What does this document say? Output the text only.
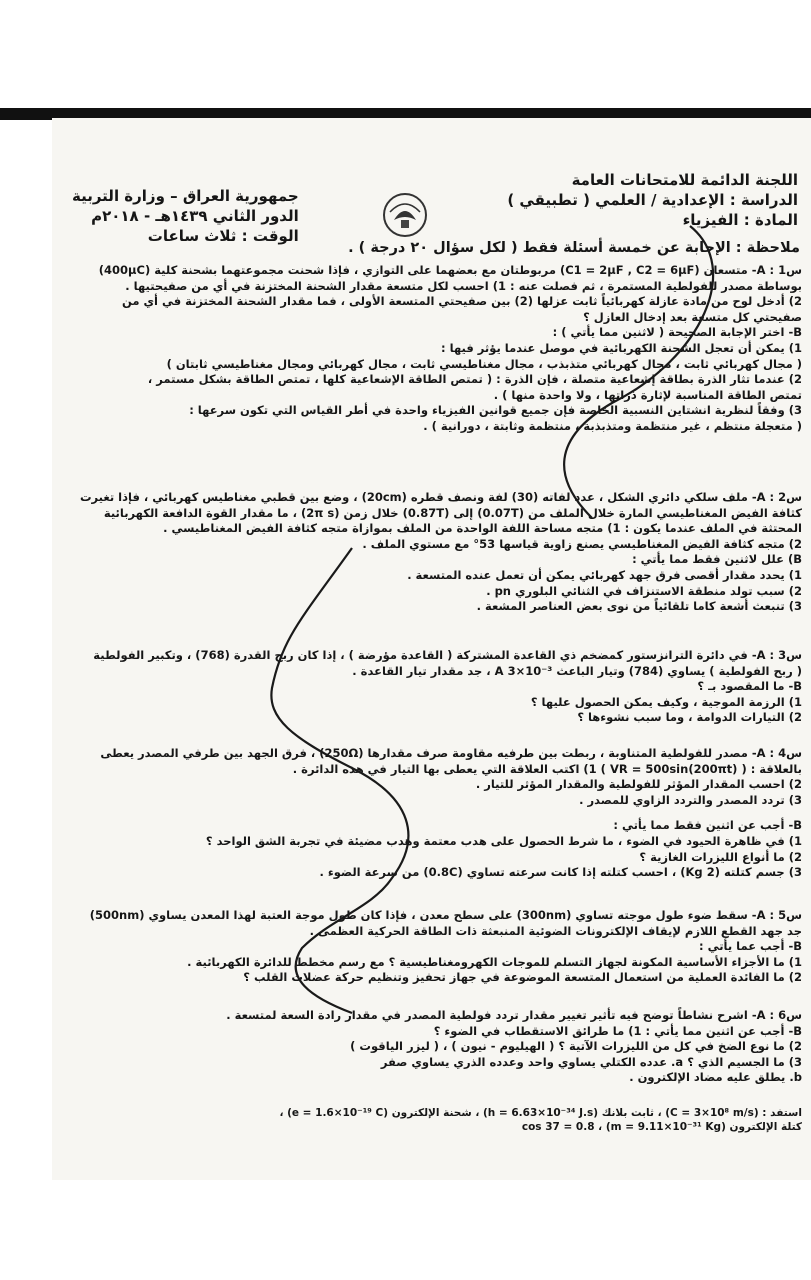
اللجنة الدائمة للامتحانات العامة
الدراسة : الإعدادية / العلمي ( تطبيقي )
المادة : الفيزياء
جمهورية العراق – وزارة التربية
الدور الثاني ١٤٣٩هـ - ٢٠١٨م
الوقت : ثلاث ساعات
ملاحظة : الإجابة عن خمسة أسئلة فقط ( لكل سؤال ٢٠ درجة ) .
س1 : A- متسعان (C1 = 2μF , C2 = 6μF) مربوطتان مع بعضهما على التوازي ، فإذا شحنت مجموعتهما بشحنة كلية (400μC)
بوساطة مصدر للفولطية المستمرة ، ثم فصلت عنه : 1) احسب لكل متسعة مقدار الشحنة المختزنة في أي من صفيحتيها .
2) أدخل لوح من مادة عازلة كهربائياً ثابت عزلها (2) بين صفيحتي المتسعة الأولى ، فما مقدار الشحنة المختزنة في أي من
صفيحتي كل متسعة بعد إدخال العازل ؟
B- اختر الإجابة الصحيحة ( لاثنين مما يأتي ) :
1) يمكن أن تعجل الشحنة الكهربائية في موصل عندما يؤثر فيها :
( مجال كهربائي ثابت ، مجال كهربائي متذبذب ، مجال مغناطيسي ثابت ، مجال كهربائي ومجال مغناطيسي ثابتان )
2) عندما تثار الذرة بطاقة إشعاعية متصلة ، فإن الذرة : ( تمتص الطاقة الإشعاعية كلها ، تمتص الطاقة بشكل مستمر ،
تمتص الطاقة المناسبة لإثارة ذراتها ، ولا واحدة منها ) .
3) وفقاً لنظرية انشتاين النسبية الخاصة فإن جميع قوانين الفيزياء واحدة في أطر القياس التي تكون سرعها :
( متعجلة منتظم ، غير منتظمة ومتذبذبة ، منتظمة وثابتة ، دورانية ) .
س2 : A- ملف سلكي دائري الشكل ، عدد لفاته (30) لفة ونصف قطره (20cm) ، وضع بين قطبي مغناطيس كهربائي ، فإذا تغيرت
كثافة الفيض المغناطيسي المارة خلال الملف من (0.07T) إلى (0.87T) خلال زمن (2π s) ، ما مقدار القوة الدافعة الكهربائية
المحتثة في الملف عندما يكون : 1) متجه مساحة اللفة الواحدة من الملف بموازاة متجه كثافة الفيض المغناطيسي .
2) متجه كثافة الفيض المغناطيسي يصنع زاوية قياسها 53° مع مستوي الملف .
B) علل لاثنين فقط مما يأتي :
1) يحدد مقدار أقصى فرق جهد كهربائي يمكن أن تعمل عنده المتسعة .
2) سبب تولد منطقة الاستنزاف في الثنائي البلوري pn .
3) تنبعث أشعة كاما تلقائياً من نوى بعض العناصر المشعة .
س3 : A- في دائرة الترانزستور كمضخم ذي القاعدة المشتركة ( القاعدة مؤرضة ) ، إذا كان ربح القدرة (768) ، وتكبير الفولطية
( ربح الفولطية ) يساوي (784) وتيار الباعث A 3×10⁻³ ، جد مقدار تيار القاعدة .
B- ما المقصود بـ ؟
1) الرزمة الموجية ، وكيف يمكن الحصول عليها ؟
2) التيارات الدوامة ، وما سبب نشوءها ؟
س4 : A- مصدر للفولطية المتناوبة ، ربطت بين طرفيه مقاومة صرف مقدارها (250Ω) ، فرق الجهد بين طرفي المصدر يعطى
بالعلاقة : ( VR = 500sin(200πt) ) 1) اكتب العلاقة التي يعطى بها التيار في هذه الدائرة .
2) احسب المقدار المؤثر للفولطية والمقدار المؤثر للتيار .
3) تردد المصدر والتردد الزاوي للمصدر .
B- أجب عن اثنين فقط مما يأتي :
1) في ظاهرة الحيود في الضوء ، ما شرط الحصول على هدب معتمة وهدب مضيئة في تجربة الشق الواحد ؟
2) ما أنواع الليزرات الغازية ؟
3) جسم كتلته (2 Kg) ، احسب كتلته إذا كانت سرعته تساوي (0.8C) من سرعة الضوء .
س5 : A- سقط ضوء طول موجته تساوي (300nm) على سطح معدن ، فإذا كان طول موجة العتبة لهذا المعدن يساوي (500nm)
جد جهد القطع اللازم لإيقاف الإلكترونات الضوئية المنبعثة ذات الطاقة الحركية العظمى .
B- أجب عما يأتي :
1) ما الأجزاء الأساسية المكونة لجهاز التسلم للموجات الكهرومغناطيسية ؟ مع رسم مخطط للدائرة الكهربائية .
2) ما الفائدة العملية من استعمال المتسعة الموضوعة في جهاز تحفيز وتنظيم حركة عضلات القلب ؟
س6 : A- اشرح نشاطاً توضح فيه تأثير تغيير مقدار تردد فولطية المصدر في مقدار رادة السعة لمتسعة .
B- أجب عن اثنين مما يأتي : 1) ما طرائق الاستقطاب في الضوء ؟
2) ما نوع الضخ في كل من الليزرات الآتية ؟ ( الهيليوم - نيون ) ، ( ليزر الياقوت )
3) ما الجسيم الذي ؟ a. عدده الكتلي يساوي واحد وعدده الذري يساوي صفر
b. يطلق عليه مضاد الإلكترون .
استفد : (C = 3×10⁸ m/s) ، ثابت بلانك (h = 6.63×10⁻³⁴ J.s) ، شحنة الإلكترون (e = 1.6×10⁻¹⁹ C) ،
كتلة الإلكترون (m = 9.11×10⁻³¹ Kg) ، cos 37 = 0.8
